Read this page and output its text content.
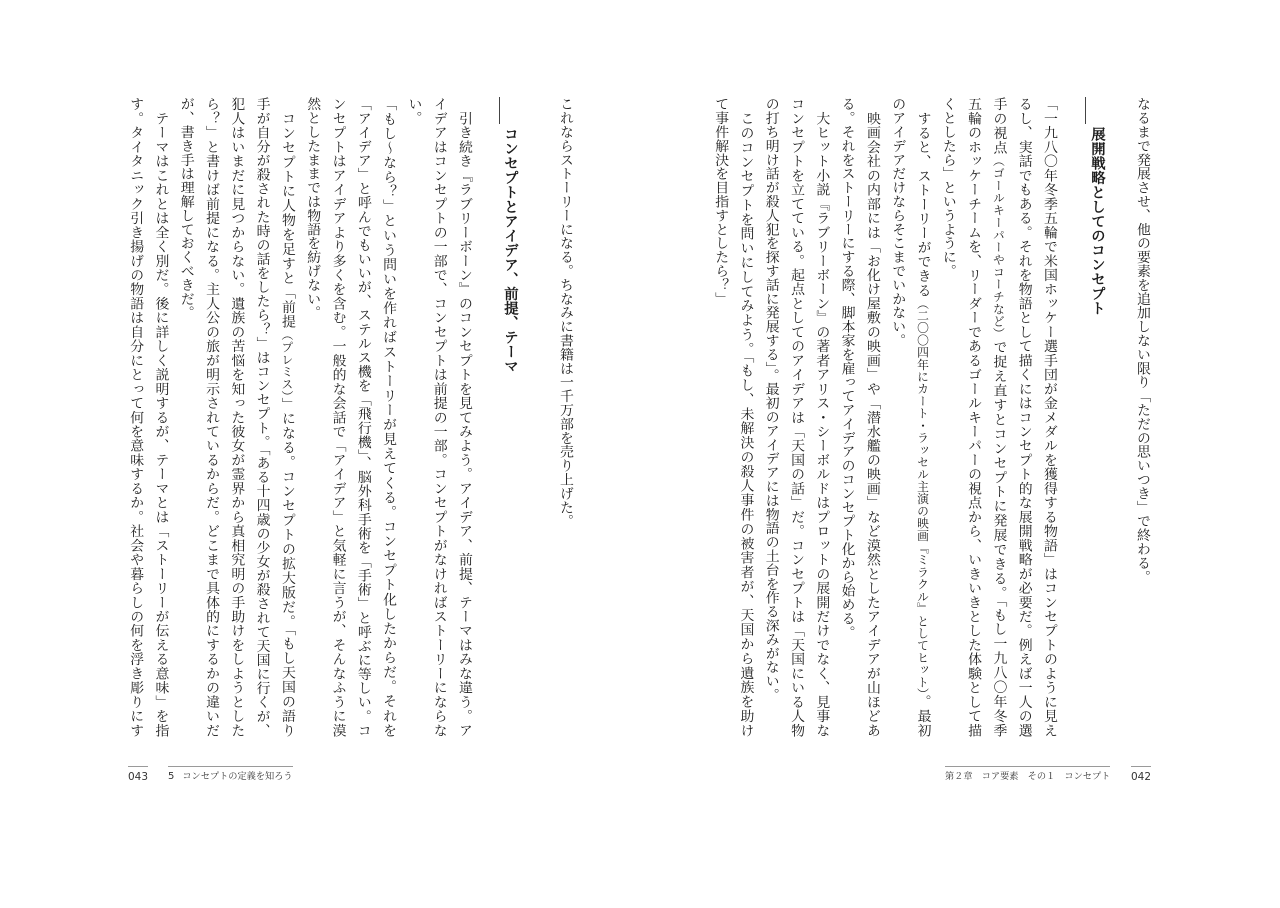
なるまで発展させ、他の要素を追加しない限り「ただの思いつき」で終わる。
展開戦略としてのコンセプト
「一九八〇年冬季五輪で米国ホッケー選手団が金メダルを獲得する物語」はコンセプトのように見え
るし、実話でもある。それを物語として描くにはコンセプト的な展開戦略が必要だ。例えば一人の選
手の視点（ゴールキーパーやコーチなど）で捉え直すとコンセプトに発展できる。「もし一九八〇年冬季
五輪のホッケーチームを、リーダーであるゴールキーパーの視点から、いきいきとした体験として描
くとしたら」というように。
　すると、ストーリーができる（二〇〇四年にカート・ラッセル主演の映画『ミラクル』としてヒット）。最初
のアイデアだけならそこまでいかない。
　映画会社の内部には「お化け屋敷の映画」や「潜水艦の映画」など漠然としたアイデアが山ほどあ
る。それをストーリーにする際、脚本家を雇ってアイデアのコンセプト化から始める。
　大ヒット小説『ラブリーボーン』の著者アリス・シーボルドはプロットの展開だけでなく、見事な
コンセプトを立てている。起点としてのアイデアは「天国の話」だ。コンセプトは「天国にいる人物
の打ち明け話が殺人犯を探す話に発展する」。最初のアイデアには物語の土台を作る深みがない。
　このコンセプトを問いにしてみよう。「もし、未解決の殺人事件の被害者が、天国から遺族を助け
て事件解決を目指すとしたら？」
第２章　コア要素　その１　コンセプト 042
これならストーリーになる。ちなみに書籍は一千万部を売り上げた。
コンセプトとアイデア、前提、テーマ
　引き続き『ラブリーボーン』のコンセプトを見てみよう。アイデア、前提、テーマはみな違う。ア
イデアはコンセプトの一部で、コンセプトは前提の一部。コンセプトがなければストーリーにならな
い。
「もし〜なら？」という問いを作ればストーリーが見えてくる。コンセプト化したからだ。それを
「アイデア」と呼んでもいいが、ステルス機を「飛行機」、脳外科手術を「手術」と呼ぶに等しい。コ
ンセプトはアイデアより多くを含む。一般的な会話で「アイデア」と気軽に言うが、そんなふうに漠
然としたままでは物語を紡げない。
　コンセプトに人物を足すと「前提（プレミス）」になる。コンセプトの拡大版だ。「もし天国の語り
手が自分が殺された時の話をしたら？」はコンセプト。「ある十四歳の少女が殺されて天国に行くが、
犯人はいまだに見つからない。遺族の苦悩を知った彼女が霊界から真相究明の手助けをしようとした
ら？」と書けば前提になる。主人公の旅が明示されているからだ。どこまで具体的にするかの違いだ
が、書き手は理解しておくべきだ。
　テーマはこれとは全く別だ。後に詳しく説明するが、テーマとは「ストーリーが伝える意味」を指
す。タイタニック引き揚げの物語は自分にとって何を意味するか。社会や暮らしの何を浮き彫りにす
043 5 コンセプトの定義を知ろう
